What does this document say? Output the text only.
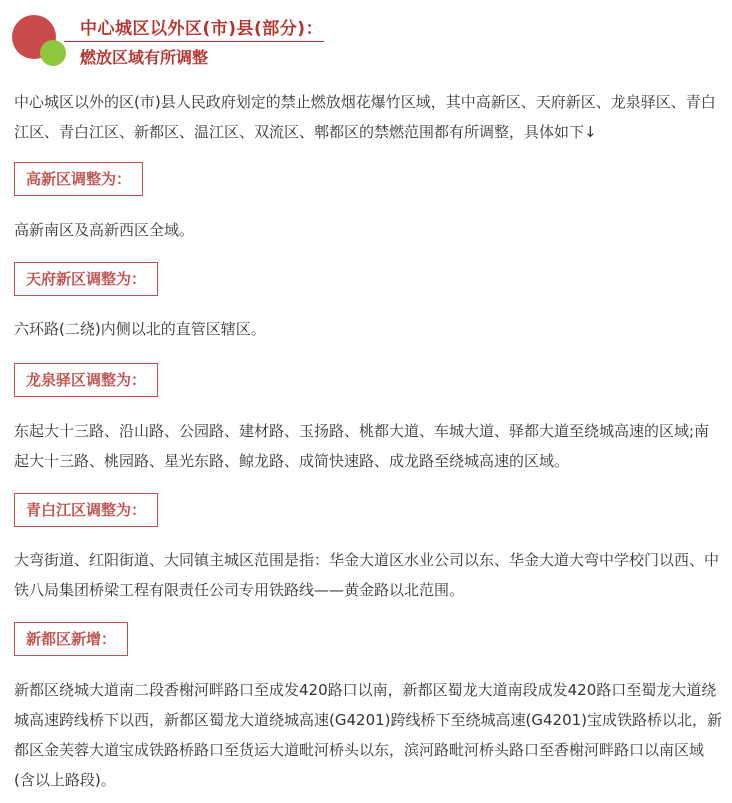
中心城区以外区(市)县(部分)：
燃放区域有所调整

中心城区以外的区(市)县人民政府划定的禁止燃放烟花爆竹区域，其中高新区、天府新区、龙泉驿区、青白江区、青白江区、新都区、温江区、双流区、郫都区的禁燃范围都有所调整，具体如下↓

高新区调整为：

高新南区及高新西区全域。

天府新区调整为：

六环路(二绕)内侧以北的直管区辖区。

龙泉驿区调整为：

东起大十三路、沿山路、公园路、建材路、玉扬路、桃都大道、车城大道、驿都大道至绕城高速的区域;南起大十三路、桃园路、星光东路、鲸龙路、成简快速路、成龙路至绕城高速的区域。

青白江区调整为：

大弯街道、红阳街道、大同镇主城区范围是指：华金大道区水业公司以东、华金大道大弯中学校门以西、中铁八局集团桥梁工程有限责任公司专用铁路线——黄金路以北范围。

新都区新增：

新都区绕城大道南二段香榭河畔路口至成发420路口以南，新都区蜀龙大道南段成发420路口至蜀龙大道绕城高速跨线桥下以西，新都区蜀龙大道绕城高速(G4201)跨线桥下至绕城高速(G4201)宝成铁路桥以北，新都区金芙蓉大道宝成铁路桥路口至货运大道毗河桥头以东，滨河路毗河桥头路口至香榭河畔路口以南区域(含以上路段)。
